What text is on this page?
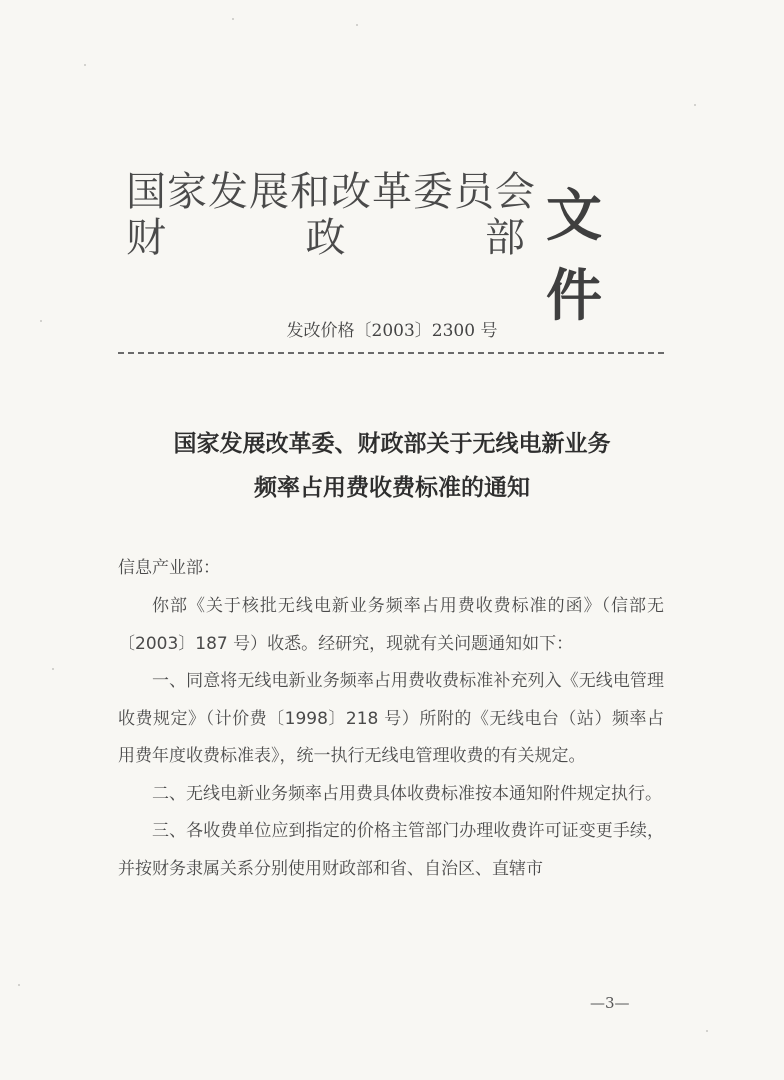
国家发展和改革委员会
财	政	部 文件
发改价格〔2003〕2300 号
国家发展改革委、财政部关于无线电新业务
频率占用费收费标准的通知

信息产业部：

你部《关于核批无线电新业务频率占用费收费标准的函》（信部无〔2003〕187 号）收悉。经研究，现就有关问题通知如下：

一、同意将无线电新业务频率占用费收费标准补充列入《无线电管理收费规定》（计价费〔1998〕218 号）所附的《无线电台（站）频率占用费年度收费标准表》，统一执行无线电管理收费的有关规定。

二、无线电新业务频率占用费具体收费标准按本通知附件规定执行。

三、各收费单位应到指定的价格主管部门办理收费许可证变更手续，并按财务隶属关系分别使用财政部和省、自治区、直辖市

—3—
